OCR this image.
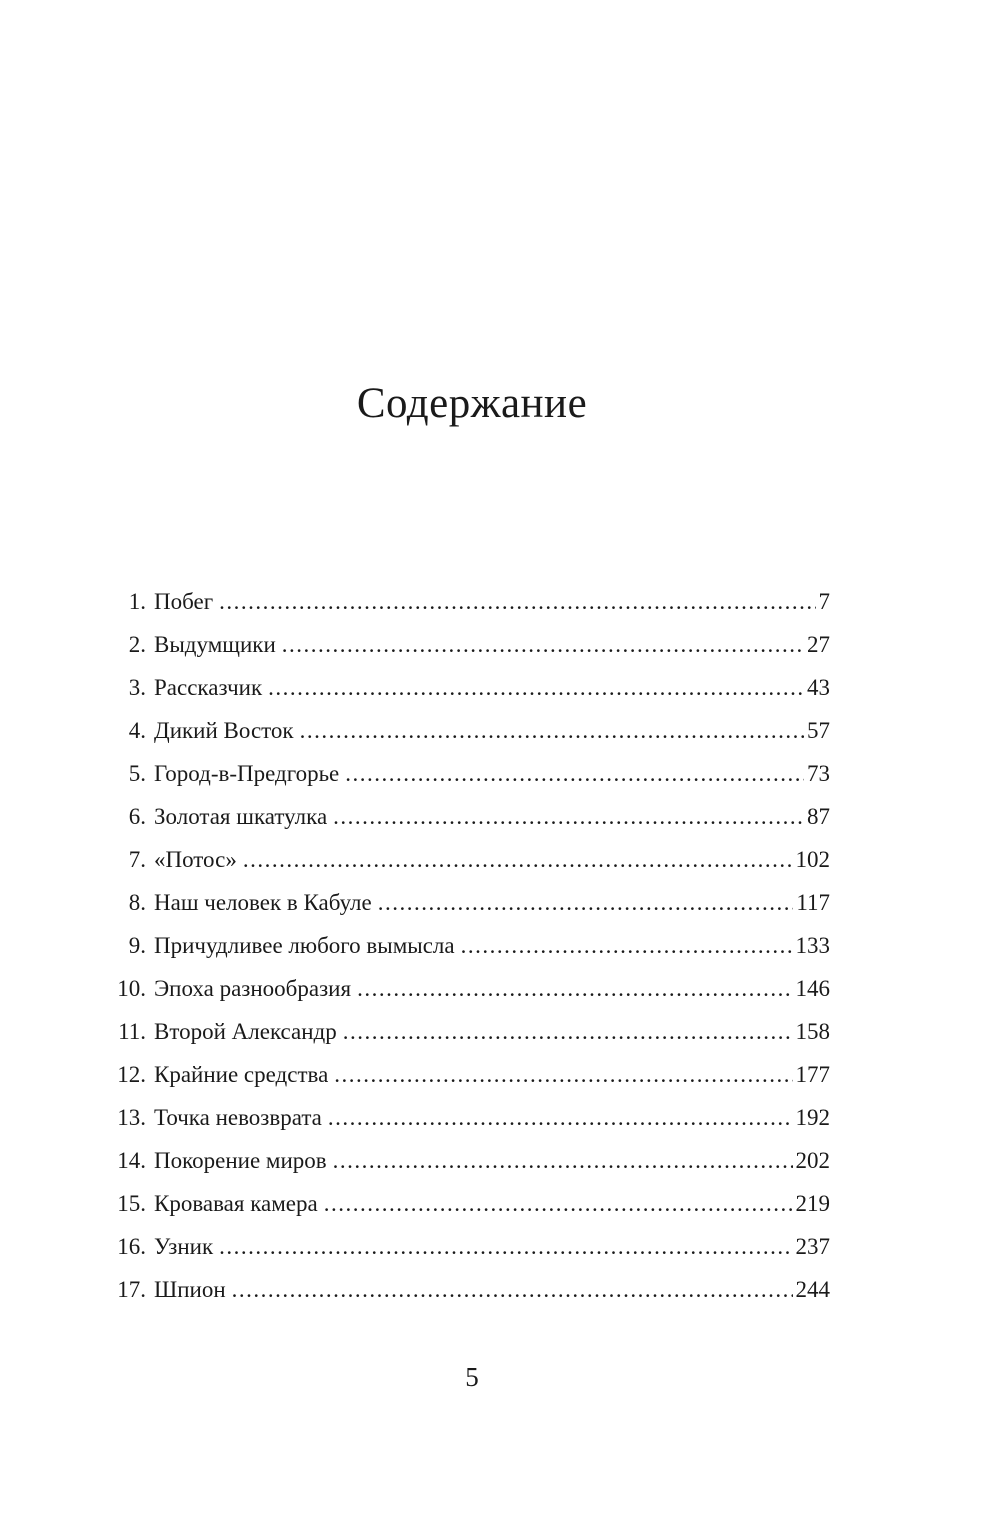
Содержание
1. Побег .....	7
2. Выдумщики .....	27
3. Рассказчик .....	43
4. Дикий Восток .....	57
5. Город-в-Предгорье .....	73
6. Золотая шкатулка .....	87
7. «Потос» .....	102
8. Наш человек в Кабуле .....	117
9. Причудливее любого вымысла .....	133
10. Эпоха разнообразия .....	146
11. Второй Александр .....	158
12. Крайние средства .....	177
13. Точка невозврата .....	192
14. Покорение миров .....	202
15. Кровавая камера .....	219
16. Узник .....	237
17. Шпион .....	244
5
